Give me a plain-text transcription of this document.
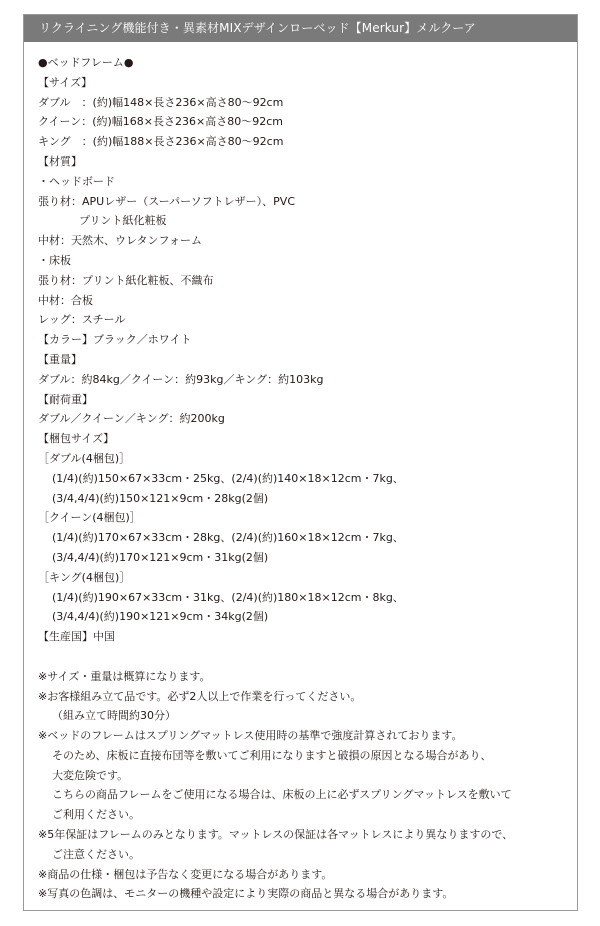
リクライニング機能付き・異素材MIXデザインローベッド【Merkur】メルクーア
●ベッドフレーム●
【サイズ】
ダブル　：(約)幅148×長さ236×高さ80〜92cm
クイーン：(約)幅168×長さ236×高さ80〜92cm
キング　：(約)幅188×長さ236×高さ80〜92cm
【材質】
・ヘッドボード
張り材：APUレザー（スーパーソフトレザー）、PVC
プリント紙化粧板
中材：天然木、ウレタンフォーム
・床板
張り材：プリント紙化粧板、不織布
中材：合板
レッグ：スチール
【カラー】ブラック／ホワイト
【重量】
ダブル：約84kg／クイーン：約93kg／キング：約103kg
【耐荷重】
ダブル／クイーン／キング：約200kg
【梱包サイズ】
［ダブル(4梱包)］
(1/4)(約)150×67×33cm・25kg、(2/4)(約)140×18×12cm・7kg、
(3/4,4/4)(約)150×121×9cm・28kg(2個)
［クイーン(4梱包)］
(1/4)(約)170×67×33cm・28kg、(2/4)(約)160×18×12cm・7kg、
(3/4,4/4)(約)170×121×9cm・31kg(2個)
［キング(4梱包)］
(1/4)(約)190×67×33cm・31kg、(2/4)(約)180×18×12cm・8kg、
(3/4,4/4)(約)190×121×9cm・34kg(2個)
【生産国】中国
※サイズ・重量は概算になります。
※お客様組み立て品です。必ず2人以上で作業を行ってください。
（組み立て時間約30分）
※ベッドのフレームはスプリングマットレス使用時の基準で強度計算されております。
そのため、床板に直接布団等を敷いてご利用になりますと破損の原因となる場合があり、
大変危険です。
こちらの商品フレームをご使用になる場合は、床板の上に必ずスプリングマットレスを敷いて
ご利用ください。
※5年保証はフレームのみとなります。マットレスの保証は各マットレスにより異なりますので、
ご注意ください。
※商品の仕様・梱包は予告なく変更になる場合があります。
※写真の色調は、モニターの機種や設定により実際の商品と異なる場合があります。
